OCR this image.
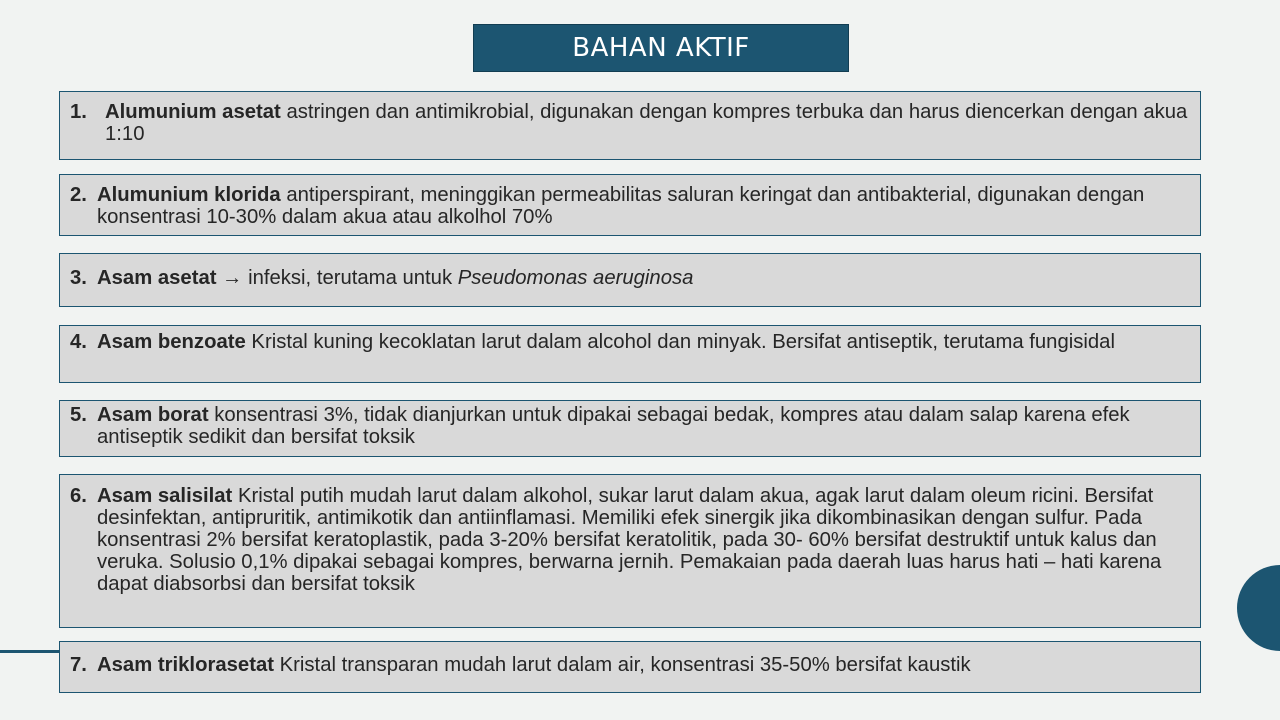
BAHAN AKTIF
1. Alumunium asetat astringen dan antimikrobial, digunakan dengan kompres terbuka dan harus diencerkan dengan akua 1:10
2. Alumunium klorida antiperspirant, meninggikan permeabilitas saluran keringat dan antibakterial, digunakan dengan konsentrasi 10-30% dalam akua atau alkolhol 70%
3. Asam asetat → infeksi, terutama untuk Pseudomonas aeruginosa
4. Asam benzoate Kristal kuning kecoklatan larut dalam alcohol dan minyak. Bersifat antiseptik, terutama fungisidal
5. Asam borat konsentrasi 3%, tidak dianjurkan untuk dipakai sebagai bedak, kompres atau dalam salap karena efek antiseptik sedikit dan bersifat toksik
6. Asam salisilat Kristal putih mudah larut dalam alkohol, sukar larut dalam akua, agak larut dalam oleum ricini. Bersifat desinfektan, antipruritik, antimikotik dan antiinflamasi. Memiliki efek sinergik jika dikombinasikan dengan sulfur. Pada konsentrasi 2% bersifat keratoplastik, pada 3-20% bersifat keratolitik, pada 30- 60% bersifat destruktif untuk kalus dan veruka. Solusio 0,1% dipakai sebagai kompres, berwarna jernih. Pemakaian pada daerah luas harus hati – hati karena dapat diabsorbsi dan bersifat toksik
7. Asam triklorasetat Kristal transparan mudah larut dalam air, konsentrasi 35-50% bersifat kaustik
